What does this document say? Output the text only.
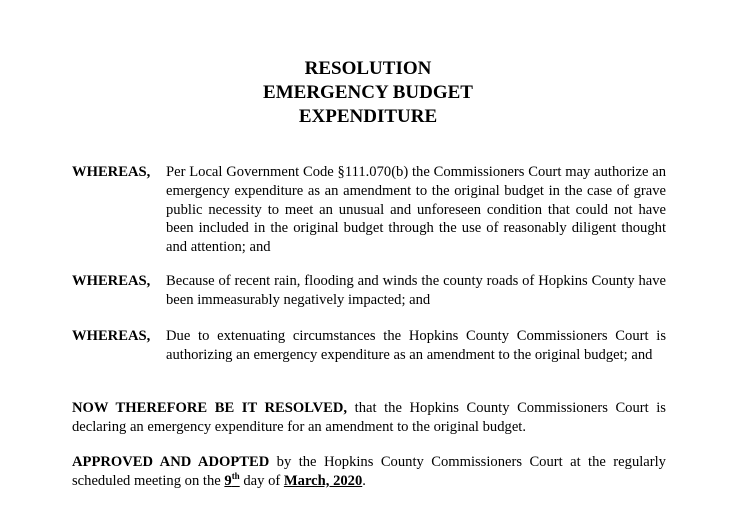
RESOLUTION
EMERGENCY BUDGET
EXPENDITURE
WHEREAS, Per Local Government Code §111.070(b) the Commissioners Court may authorize an emergency expenditure as an amendment to the original budget in the case of grave public necessity to meet an unusual and unforeseen condition that could not have been included in the original budget through the use of reasonably diligent thought and attention; and
WHEREAS, Because of recent rain, flooding and winds the county roads of Hopkins County have been immeasurably negatively impacted; and
WHEREAS, Due to extenuating circumstances the Hopkins County Commissioners Court is authorizing an emergency expenditure as an amendment to the original budget; and
NOW THEREFORE BE IT RESOLVED, that the Hopkins County Commissioners Court is declaring an emergency expenditure for an amendment to the original budget.
APPROVED AND ADOPTED by the Hopkins County Commissioners Court at the regularly scheduled meeting on the 9th day of March, 2020.
